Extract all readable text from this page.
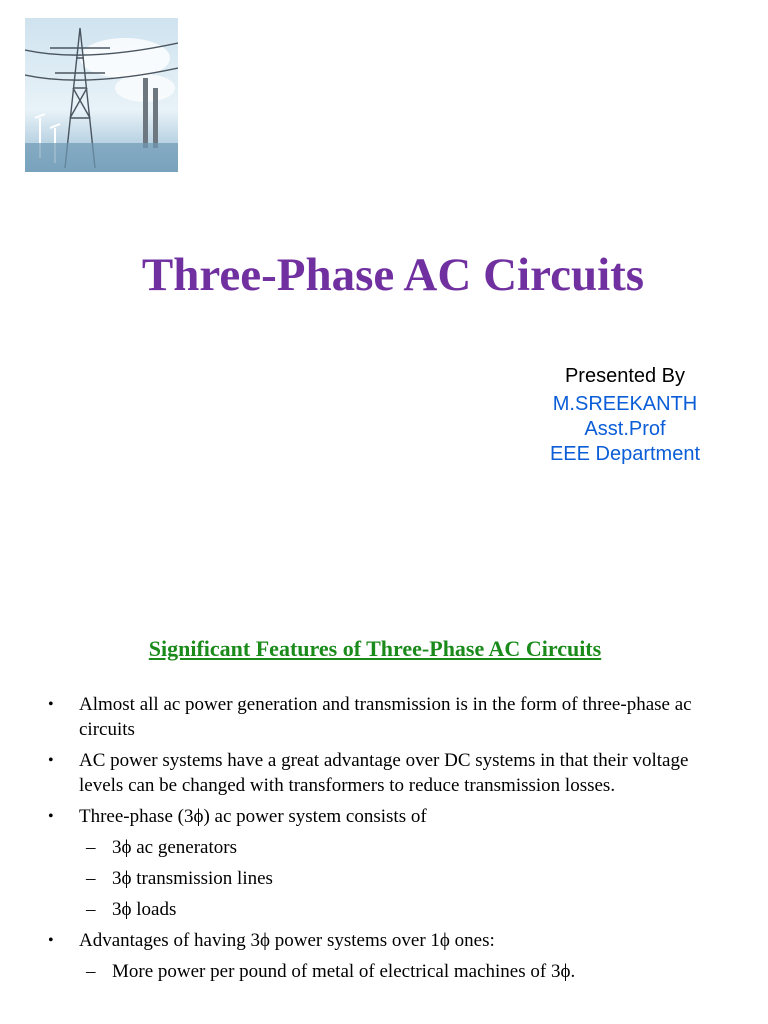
Three-Phase AC Circuits
Presented By
M.SREEKANTH
Asst.Prof
EEE Department
Significant Features of Three-Phase AC Circuits
•	Almost all ac power generation and transmission is in the form of three-phase ac circuits
•	AC power systems have a great advantage over DC systems in that their voltage levels can be changed with transformers to reduce transmission losses.
•	Three-phase (3ϕ) ac power system consists of
– 3ϕ ac generators
– 3ϕ transmission lines
– 3ϕ loads
•	Advantages of having 3ϕ power systems over 1ϕ ones:
– More power per pound of metal of electrical machines of 3ϕ.
